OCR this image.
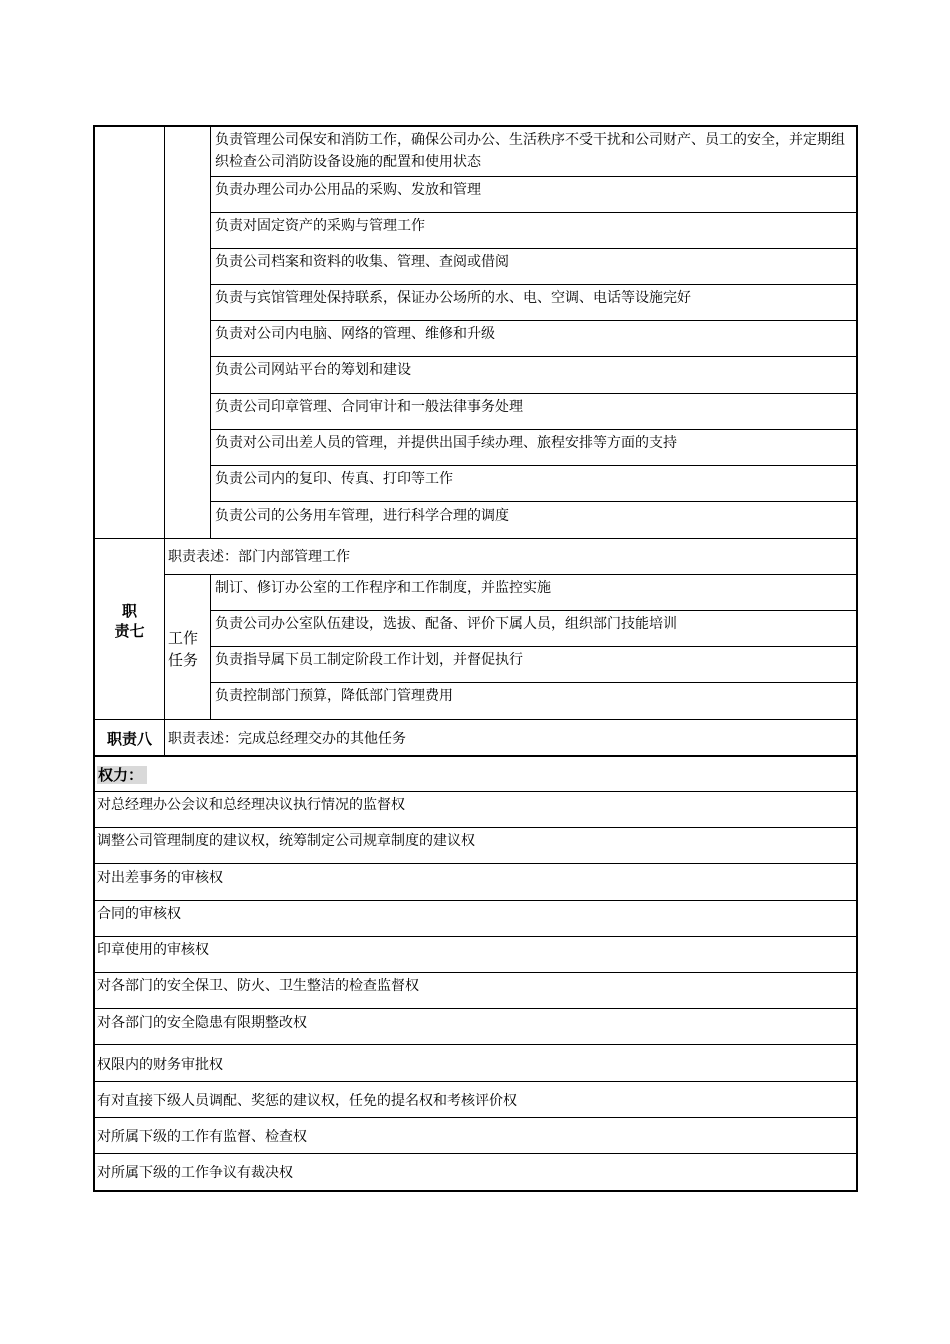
负责管理公司保安和消防工作，确保公司办公、生活秩序不受干扰和公司财产、员工的安全，并定期组织检查公司消防设备设施的配置和使用状态
负责办理公司办公用品的采购、发放和管理
负责对固定资产的采购与管理工作
负责公司档案和资料的收集、管理、查阅或借阅
负责与宾馆管理处保持联系，保证办公场所的水、电、空调、电话等设施完好
负责对公司内电脑、网络的管理、维修和升级
负责公司网站平台的筹划和建设
负责公司印章管理、合同审计和一般法律事务处理
负责对公司出差人员的管理，并提供出国手续办理、旅程安排等方面的支持
负责公司内的复印、传真、打印等工作
负责公司的公务用车管理，进行科学合理的调度
职
责七
职责表述：部门内部管理工作
工作
任务
制订、修订办公室的工作程序和工作制度，并监控实施
负责公司办公室队伍建设，选拔、配备、评价下属人员，组织部门技能培训
负责指导属下员工制定阶段工作计划，并督促执行
负责控制部门预算，降低部门管理费用
职责八	职责表述：完成总经理交办的其他任务
权力：
对总经理办公会议和总经理决议执行情况的监督权
调整公司管理制度的建议权，统筹制定公司规章制度的建议权
对出差事务的审核权
合同的审核权
印章使用的审核权
对各部门的安全保卫、防火、卫生整洁的检查监督权
对各部门的安全隐患有限期整改权
权限内的财务审批权
有对直接下级人员调配、奖惩的建议权，任免的提名权和考核评价权
对所属下级的工作有监督、检查权
对所属下级的工作争议有裁决权
